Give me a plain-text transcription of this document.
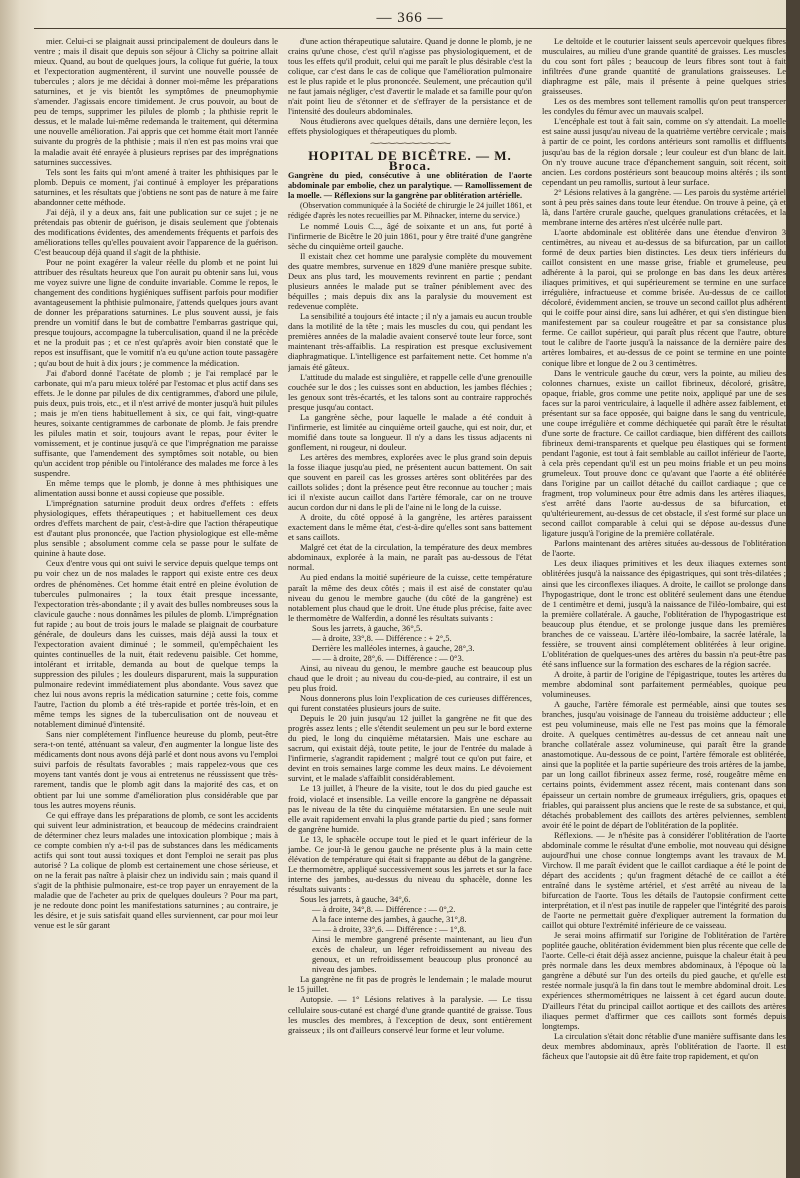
— 366 —

mier. Celui-ci se plaignait aussi principalement de douleurs dans le ventre ; mais il disait que depuis son séjour à Clichy sa poitrine allait mieux. Quand, au bout de quelques jours, la colique fut guérie, la toux et l'expectoration augmentèrent, il survint une nouvelle poussée de tubercules ; alors je me décidai à donner moi-même les préparations saturnines, et je vis bientôt les symptômes de pneumophymie s'amender. J'agissais encore timidement. Je crus pouvoir, au bout de peu de temps, supprimer les pilules de plomb ; la phthisie reprit le dessus, et le malade lui-même redemanda le traitement, qui détermina une nouvelle amélioration. J'ai appris que cet homme était mort l'année suivante du progrès de la phthisie ; mais il n'en est pas moins vrai que la maladie avait été enrayée à plusieurs reprises par des imprégnations saturnines successives.

Tels sont les faits qui m'ont amené à traiter les phthisiques par le plomb. Depuis ce moment, j'ai continué à employer les préparations saturnines, et les résultats que j'obtiens ne sont pas de nature à me faire abandonner cette méthode.

J'ai déjà, il y a deux ans, fait une publication sur ce sujet ; je ne prétendais pas obtenir de guérison, je disais seulement que j'obtenais des modifications évidentes, des amendements fréquents et parfois des améliorations telles qu'elles pouvaient avoir l'apparence de la guérison. C'est beaucoup déjà quand il s'agit de la phthisie.

Pour ne point exagérer la valeur réelle du plomb et ne point lui attribuer des résultats heureux que l'on aurait pu obtenir sans lui, vous me voyez suivre une ligne de conduite invariable. Comme le repos, le changement des conditions hygiéniques suffisent parfois pour modifier avantageusement la phthisie pulmonaire, j'attends quelques jours avant de donner les préparations saturnines. Le plus souvent aussi, je fais prendre un vomitif dans le but de combattre l'embarras gastrique qui, presque toujours, accompagne la tuberculisation, quand il ne la précède et ne la produit pas ; et ce n'est qu'après avoir bien constaté que le repos est insuffisant, que le vomitif n'a eu qu'une action toute passagère ; qu'au bout de huit à dix jours ; je commence la médication.

J'ai d'abord donné l'acétate de plomb ; je l'ai remplacé par le carbonate, qui m'a paru mieux toléré par l'estomac et plus actif dans ses effets. Je le donne par pilules de dix centigrammes, d'abord une pilule, puis deux, puis trois, etc., et il n'est arrivé de monter jusqu'à huit pilules ; mais je m'en tiens habituellement à six, ce qui fait, vingt-quatre heures, soixante centigrammes de carbonate de plomb. Je fais prendre les pilules matin et soir, toujours avant le repas, pour éviter le vomissement, et je continue jusqu'à ce que l'imprégnation me paraisse suffisante, que l'amendement des symptômes soit notable, ou bien qu'un accident trop pénible ou l'intolérance des malades me force à les suspendre.

En même temps que le plomb, je donne à mes phthisiques une alimentation aussi bonne et aussi copieuse que possible.

L'imprégnation saturnine produit deux ordres d'effets : effets physiologiques, effets thérapeutiques ; et habituellement ces deux ordres d'effets marchent de pair, c'est-à-dire que l'action thérapeutique est d'autant plus prononcée, que l'action physiologique est elle-même plus sensible ; absolument comme cela se passe pour le sulfate de quinine à haute dose.

Ceux d'entre vous qui ont suivi le service depuis quelque temps ont pu voir chez un de nos malades le rapport qui existe entre ces deux ordres de phénomènes. Cet homme était entré en pleine évolution de tubercules pulmonaires ; la toux était presque incessante, l'expectoration très-abondante ; il y avait des bulles nombreuses sous la clavicule gauche : nous donnâmes les pilules de plomb. L'imprégnation fut rapide ; au bout de trois jours le malade se plaignait de courbature générale, de douleurs dans les cuisses, mais déjà aussi la toux et l'expectoration avaient diminué ; le sommeil, qu'empêchaient les quintes continuelles de la nuit, était redevenu paisible. Cet homme, intolérant et irritable, demanda au bout de quelque temps la suppression des pilules ; les douleurs disparurent, mais la suppuration pulmonaire redevint immédiatement plus abondante. Vous savez que chez lui nous avons repris la médication saturnine ; cette fois, comme l'autre, l'action du plomb a été très-rapide et portée très-loin, et en même temps les signes de la tuberculisation ont de nouveau et notablement diminué d'intensité.

Sans nier complétement l'influence heureuse du plomb, peut-être sera-t-on tenté, atténuant sa valeur, d'en augmenter la longue liste des médicaments dont nous avons déjà parlé et dont nous avons vu l'emploi suivi parfois de résultats favorables ; mais rappelez-vous que ces moyens tant vantés dont je vous ai entretenus ne réussissent que très-rarement, tandis que le plomb agit dans la majorité des cas, et on obtient par lui une somme d'amélioration plus considérable que par tous les autres moyens réunis.

Ce qui effraye dans les préparations de plomb, ce sont les accidents qui suivent leur administration, et beaucoup de médecins craindraient de déterminer chez leurs malades une intoxication plombique ; mais à ce compte combien n'y a-t-il pas de substances dans les médicaments actifs qui sont tout aussi toxiques et dont l'emploi ne serait pas plus autorisé ? La colique de plomb est certainement une chose sérieuse, et on ne la ferait pas naître à plaisir chez un individu sain ; mais quand il s'agit de la phthisie pulmonaire, est-ce trop payer un enrayement de la maladie que de l'acheter au prix de quelques douleurs ? Pour ma part, je ne redoute donc point les manifestations saturnines ; au contraire, je les désire, et je suis satisfait quand elles surviennent, car pour moi leur venue est le sûr garant

d'une action thérapeutique salutaire. Quand je donne le plomb, je ne crains qu'une chose, c'est qu'il n'agisse pas physiologiquement, et de tous les effets qu'il produit, celui qui me paraît le plus désirable c'est la colique, car c'est dans le cas de colique que l'amélioration pulmonaire est le plus rapide et le plus prononcée. Seulement, une précaution qu'il ne faut jamais négliger, c'est d'avertir le malade et sa famille pour qu'on n'ait point lieu de s'étonner et de s'effrayer de la persistance et de l'intensité des douleurs abdominales.

Nous étudierons avec quelques détails, dans une dernière leçon, les effets physiologiques et thérapeutiques du plomb.

⁓⁓⁓⁓⁓⁓⁓⁓⁓⁓

HOPITAL DE BICÊTRE. — M. Broca.

Gangrène du pied, consécutive à une oblitération de l'aorte abdominale par embolie, chez un paralytique. — Ramollissement de la moelle. — Réflexions sur la gangrène par oblitération artérielle.

(Observation communiquée à la Société de chirurgie le 24 juillet 1861, et rédigée d'après les notes recueillies par M. Pihnacker, interne du service.)

Le nommé Louis C..., âgé de soixante et un ans, fut porté à l'infirmerie de Bicêtre le 20 juin 1861, pour y être traité d'une gangrène sèche du cinquième orteil gauche.

Il existait chez cet homme une paralysie complète du mouvement des quatre membres, survenue en 1829 d'une manière presque subite. Deux ans plus tard, les mouvements revinrent en partie ; pendant plusieurs années le malade put se traîner péniblement avec des béquilles ; mais depuis dix ans la paralysie du mouvement est redevenue complète.

La sensibilité a toujours été intacte ; il n'y a jamais eu aucun trouble dans la motilité de la tête ; mais les muscles du cou, qui pendant les premières années de la maladie avaient conservé toute leur force, sont maintenant très-affaiblis. La respiration est presque exclusivement diaphragmatique. L'intelligence est parfaitement nette. Cet homme n'a jamais été gâteux.

L'attitude du malade est singulière, et rappelle celle d'une grenouille couchée sur le dos ; les cuisses sont en abduction, les jambes fléchies ; les genoux sont très-écartés, et les talons sont au contraire rapprochés presque jusqu'au contact.

La gangrène sèche, pour laquelle le malade a été conduit à l'infirmerie, est limitée au cinquième orteil gauche, qui est noir, dur, et momifié dans toute sa longueur. Il n'y a dans les tissus adjacents ni gonflement, ni rougeur, ni douleur.

Les artères des membres, explorées avec le plus grand soin depuis la fosse iliaque jusqu'au pied, ne présentent aucun battement. On sait que souvent en pareil cas les grosses artères sont oblitérées par des caillots solides ; dont la présence peut être reconnue au toucher ; mais ici il n'existe aucun caillot dans l'artère fémorale, car on ne trouve aucun cordon dur ni dans le pli de l'aine ni le long de la cuisse.

A droite, du côté opposé à la gangrène, les artères paraissent exactement dans le même état, c'est-à-dire qu'elles sont sans battement et sans caillots.

Malgré cet état de la circulation, la température des deux membres abdominaux, explorée à la main, ne paraît pas au-dessous de l'état normal.

Au pied endans la moitié supérieure de la cuisse, cette température paraît la même des deux côtés ; mais il est aisé de constater qu'au niveau du genou le membre gauche (du côté de la gangrène) est notablement plus chaud que le droit. Une étude plus précise, faite avec le thermomètre de Walferdin, a donné les résultats suivants :

Sous les jarrets, à gauche, 36°,5.

— à droite, 33°,8. — Différence : + 2°,5.

Derrière les malléoles internes, à gauche, 28°,3.

— — à droite, 28°,6. — Différence : — 0°3.

Ainsi, au niveau du genou, le membre gauche est beaucoup plus chaud que le droit ; au niveau du cou-de-pied, au contraire, il est un peu plus froid.

Nous donnerons plus loin l'explication de ces curieuses différences, qui furent constatées plusieurs jours de suite.

Depuis le 20 juin jusqu'au 12 juillet la gangrène ne fit que des progrès assez lents ; elle s'étendit seulement un peu sur le bord externe du pied, le long du cinquième métatarsien. Mais une eschare au sacrum, qui existait déjà, toute petite, le jour de l'entrée du malade à l'infirmerie, s'agrandit rapidement ; malgré tout ce qu'on put faire, et devint en trois semaines large comme les deux mains. Le dévoiement survint, et le malade s'affaiblit considérablement.

Le 13 juillet, à l'heure de la visite, tout le dos du pied gauche est froid, violacé et insensible. La veille encore la gangrène ne dépassait pas le niveau de la tête du cinquième métatarsien. En une seule nuit elle avait rapidement envahi la plus grande partie du pied ; sans former de gangrène humide.

Le 13, le sphacèle occupe tout le pied et le quart inférieur de la jambe. Ce jour-là le genou gauche ne présente plus à la main cette élévation de température qui était si frappante au début de la gangrène. Le thermomètre, appliqué successivement sous les jarrets et sur la face interne des jambes, au-dessus du niveau du sphacèle, donne les résultats suivants :

Sous les jarrets, à gauche, 34°,6.

— à droite, 34°,8. — Différence : — 0°,2.

A la face interne des jambes, à gauche, 31°,8.

— — à droite, 33°,6. — Différence : — 1°,8.

Ainsi le membre gangrené présente maintenant, au lieu d'un excès de chaleur, un léger refroidissement au niveau des genoux, et un refroidissement beaucoup plus prononcé au niveau des jambes.

La gangrène ne fit pas de progrès le lendemain ; le malade mourut le 15 juillet.

Autopsie. — 1° Lésions relatives à la paralysie. — Le tissu cellulaire sous-cutané est chargé d'une grande quantité de graisse. Tous les muscles des membres, à l'exception de deux, sont entièrement graisseux ; ils ont d'ailleurs conservé leur forme et leur volume.

Le deltoïde et le couturier laissent seuls apercevoir quelques fibres musculaires, au milieu d'une grande quantité de graisses. Les muscles du cou sont fort pâles ; beaucoup de leurs fibres sont tout à fait infiltrées d'une grande quantité de granulations graisseuses. Le diaphragme est pâle, mais il présente à peine quelques stries graisseuses.

Les os des membres sont tellement ramollis qu'on peut transpercer les condyles du fémur avec un mauvais scalpel.

L'encéphale est tout à fait sain, comme on s'y attendait. La moelle est saine aussi jusqu'au niveau de la quatrième vertèbre cervicale ; mais à partir de ce point, les cordons antérieurs sont ramollis et diffluents jusqu'au bas de la région dorsale ; leur couleur est d'un blanc de lait. On n'y trouve aucune trace d'épanchement sanguin, soit récent, soit ancien. Les cordons postérieurs sont beaucoup moins altérés ; ils sont cependant un peu ramollis, surtout à leur surface.

2° Lésions relatives à la gangrène. — Les parois du système artériel sont à peu près saines dans toute leur étendue. On trouve à peine, çà et là, dans l'artère crurale gauche, quelques granulations crétacées, et la membrane interne des artères n'est ulcérée nulle part.

L'aorte abdominale est oblitérée dans une étendue d'environ 3 centimètres, au niveau et au-dessus de sa bifurcation, par un caillot formé de deux parties bien distinctes. Les deux tiers inférieurs du caillot consistent en une masse grise, friable et grumeleuse, peu adhérente à la paroi, qui se prolonge en bas dans les deux artères iliaques primitives, et qui supérieurement se termine en une surface irrégulière, infractueuse et comme brisée. Au-dessus de ce caillot décoloré, évidemment ancien, se trouve un second caillot plus adhérent qui le coiffe pour ainsi dire, sans lui adhérer, et qui s'en distingue bien manifestement par sa couleur rougeâtre et par sa consistance plus ferme. Ce caillot supérieur, qui paraît plus récent que l'autre, obture tout le calibre de l'aorte jusqu'à la naissance de la dernière paire des artères lombaires, et au-dessus de ce point se termine en une pointe conique libre et longue de 2 ou 3 centimètres.

Dans le ventricule gauche du cœur, vers la pointe, au milieu des colonnes charnues, existe un caillot fibrineux, décoloré, grisâtre, opaque, friable, gros comme une petite noix, appliqué par une de ses faces sur la paroi ventriculaire, à laquelle il adhère assez faiblement, et présentant sur sa face opposée, qui baigne dans le sang du ventricule, une coupe irrégulière et comme déchiquetée qui paraît être le résultat d'une sorte de fracture. Ce caillot cardiaque, bien différent des caillots fibrineux demi-transparents et quelque peu élastiques qui se forment pendant l'agonie, est tout à fait semblable au caillot inférieur de l'aorte, à cela près cependant qu'il est un peu moins friable et un peu moins grumeleux. Tout prouve donc ce qu'avant que l'aorte a été oblitérée dans l'origine par un caillot détaché du caillot cardiaque ; que ce fragment, trop volumineux pour être admis dans les artères iliaques, s'est arrêté dans l'aorte au-dessus de sa bifurcation, et qu'ultérieurement, au-dessus de cet obstacle, il s'est formé sur place un second caillot comparable à celui qui se dépose au-dessus d'une ligature jusqu'à l'origine de la première collatérale.

Parlons maintenant des artères situées au-dessous de l'oblitération de l'aorte.

Les deux iliaques primitives et les deux iliaques externes sont oblitérées jusqu'à la naissance des épigastriques, qui sont très-dilatées ; ainsi que les circonflexes iliaques. A droite, le caillot se prolonge dans l'hypogastrique, dont le tronc est oblitéré seulement dans une étendue de 1 centimètre et demi, jusqu'à la naissance de l'iléo-lombaire, qui est la première collatérale. A gauche, l'oblitération de l'hypogastrique est beaucoup plus étendue, et se prolonge jusque dans les premières branches de ce vaisseau. L'artère iléo-lombaire, la sacrée latérale, la fessière, se trouvent ainsi complétement oblitérées à leur origine. L'oblitération de quelques-unes des artères du bassin n'a peut-être pas été sans influence sur la formation des eschares de la région sacrée.

A droite, à partir de l'origine de l'épigastrique, toutes les artères du membre abdominal sont parfaitement perméables, quoique peu volumineuses.

A gauche, l'artère fémorale est perméable, ainsi que toutes ses branches, jusqu'au voisinage de l'anneau du troisième adducteur ; elle est peu volumineuse, mais elle ne l'est pas moins que la fémorale droite. A quelques centimètres au-dessus de cet anneau naît une branche collatérale assez volumineuse, qui paraît être la grande anastomotique. Au-dessous de ce point, l'artère fémorale est oblitérée, ainsi que la poplitée et la partie supérieure des trois artères de la jambe, par un long caillot fibrineux assez ferme, rosé, rougeâtre même en certains points, évidemment assez récent, mais contenant dans son épaisseur un certain nombre de grumeaux irréguliers, gris, opaques et friables, qui paraissent plus anciens que le reste de sa substance, et qui, détachés probablement des caillots des artères pelviennes, semblent avoir été le point de départ de l'oblitération de la poplitée.

Réflexions. — Je n'hésite pas à considérer l'oblitération de l'aorte abdominale comme le résultat d'une embolie, mot nouveau qui désigne aujourd'hui une chose connue longtemps avant les travaux de M. Virchow. Il me paraît évident que le caillot cardiaque a été le point de départ des accidents ; qu'un fragment détaché de ce caillot a été entraîné dans le système artériel, et s'est arrêté au niveau de la bifurcation de l'aorte. Tous les détails de l'autopsie confirment cette interprétation, et il n'est pas inutile de rappeler que l'intégrité des parois de l'aorte ne permettait guère d'expliquer autrement la formation du caillot qui obture l'extrémité inférieure de ce vaisseau.

Je serai moins affirmatif sur l'origine de l'oblitération de l'artère poplitée gauche, oblitération évidemment bien plus récente que celle de l'aorte. Celle-ci était déjà assez ancienne, puisque la chaleur était à peu près normale dans les deux membres abdominaux, à l'époque où la gangrène a débuté sur l'un des orteils du pied gauche, et qu'elle est restée normale jusqu'à la fin dans tout le membre abdominal droit. Les expériences sthermométriques ne laissent à cet égard aucun doute. D'ailleurs l'état du principal caillot aortique et des caillots des artères iliaques permet d'affirmer que ces caillots sont formés depuis longtemps.

La circulation s'était donc rétablie d'une manière suffisante dans les deux membres abdominaux, après l'oblitération de l'aorte. Il est fâcheux que l'autopsie ait dû être faite trop rapidement, et qu'on
